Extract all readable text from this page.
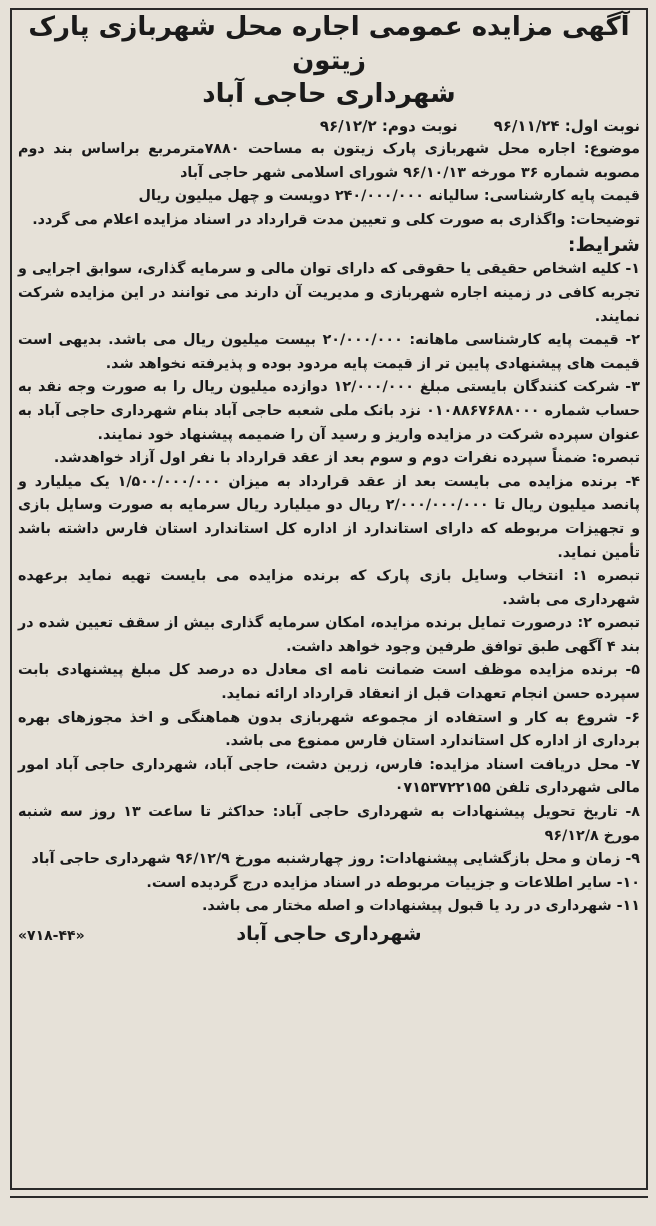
آگهی مزایده عمومی اجاره محل شهربازی پارک زیتون
شهرداری حاجی آباد
نوبت اول: ۹۶/۱۱/۲۴
نوبت دوم: ۹۶/۱۲/۲

موضوع: اجاره محل شهربازی پارک زیتون به مساحت ۷۸۸۰مترمربع براساس بند دوم مصوبه شماره ۳۶ مورخه ۹۶/۱۰/۱۳ شورای اسلامی شهر حاجی آباد

قیمت پایه کارشناسی: سالیانه ۲۴۰/۰۰۰/۰۰۰ دویست و چهل میلیون ریال

توضیحات: واگذاری به صورت کلی و تعیین مدت قرارداد در اسناد مزایده اعلام می گردد.

شرایط:

۱- کلیه اشخاص حقیقی یا حقوقی که دارای توان مالی و سرمایه گذاری، سوابق اجرایی و تجربه کافی در زمینه اجاره شهربازی و مدیریت آن دارند می توانند در این مزایده شرکت نمایند.

۲- قیمت پایه کارشناسی ماهانه: ۲۰/۰۰۰/۰۰۰ بیست میلیون ریال می باشد. بدیهی است قیمت های پیشنهادی پایین تر از قیمت پایه مردود بوده و پذیرفته نخواهد شد.

۳- شرکت کنندگان بایستی مبلغ ۱۲/۰۰۰/۰۰۰ دوازده میلیون ریال را به صورت وجه نقد به حساب شماره ۰۱۰۸۸۶۷۶۸۸۰۰۰ نزد بانک ملی شعبه حاجی آباد بنام شهرداری حاجی آباد به عنوان سپرده شرکت در مزایده واریز و رسید آن را ضمیمه پیشنهاد خود نمایند.

تبصره: ضمناً سپرده نفرات دوم و سوم بعد از عقد قرارداد با نفر اول آزاد خواهدشد.

۴- برنده مزایده می بایست بعد از عقد قرارداد به میزان ۱/۵۰۰/۰۰۰/۰۰۰ یک میلیارد و پانصد میلیون ریال تا ۲/۰۰۰/۰۰۰/۰۰۰ ریال دو میلیارد ریال سرمایه به صورت وسایل بازی و تجهیزات مربوطه که دارای استاندارد از اداره کل استاندارد استان فارس داشته باشد تأمین نماید.

تبصره ۱: انتخاب وسایل بازی پارک که برنده مزایده می بایست تهیه نماید برعهده شهرداری می باشد.

تبصره ۲: درصورت تمایل برنده مزایده، امکان سرمایه گذاری بیش از سقف تعیین شده در بند ۴ آگهی طبق توافق طرفین وجود خواهد داشت.

۵- برنده مزایده موظف است ضمانت نامه ای معادل ده درصد کل مبلغ پیشنهادی بابت سپرده حسن انجام تعهدات قبل از انعقاد قرارداد ارائه نماید.

۶- شروع به کار و استفاده از مجموعه شهربازی بدون هماهنگی و اخذ مجوزهای بهره برداری از اداره کل استاندارد استان فارس ممنوع می باشد.

۷- محل دریافت اسناد مزایده: فارس، زرین دشت، حاجی آباد، شهرداری حاجی آباد امور مالی شهرداری تلفن ۰۷۱۵۳۷۲۲۱۵۵

۸- تاریخ تحویل پیشنهادات به شهرداری حاجی آباد: حداکثر تا ساعت ۱۳ روز سه شنبه مورخ ۹۶/۱۲/۸

۹- زمان و محل بازگشایی پیشنهادات: روز چهارشنبه مورخ ۹۶/۱۲/۹ شهرداری حاجی آباد

۱۰- سایر اطلاعات و جزییات مربوطه در اسناد مزایده درج گردیده است.

۱۱- شهرداری در رد یا قبول پیشنهادات و اصله مختار می باشد.

شهرداری حاجی آباد
«۷۱۸-۴۴»
